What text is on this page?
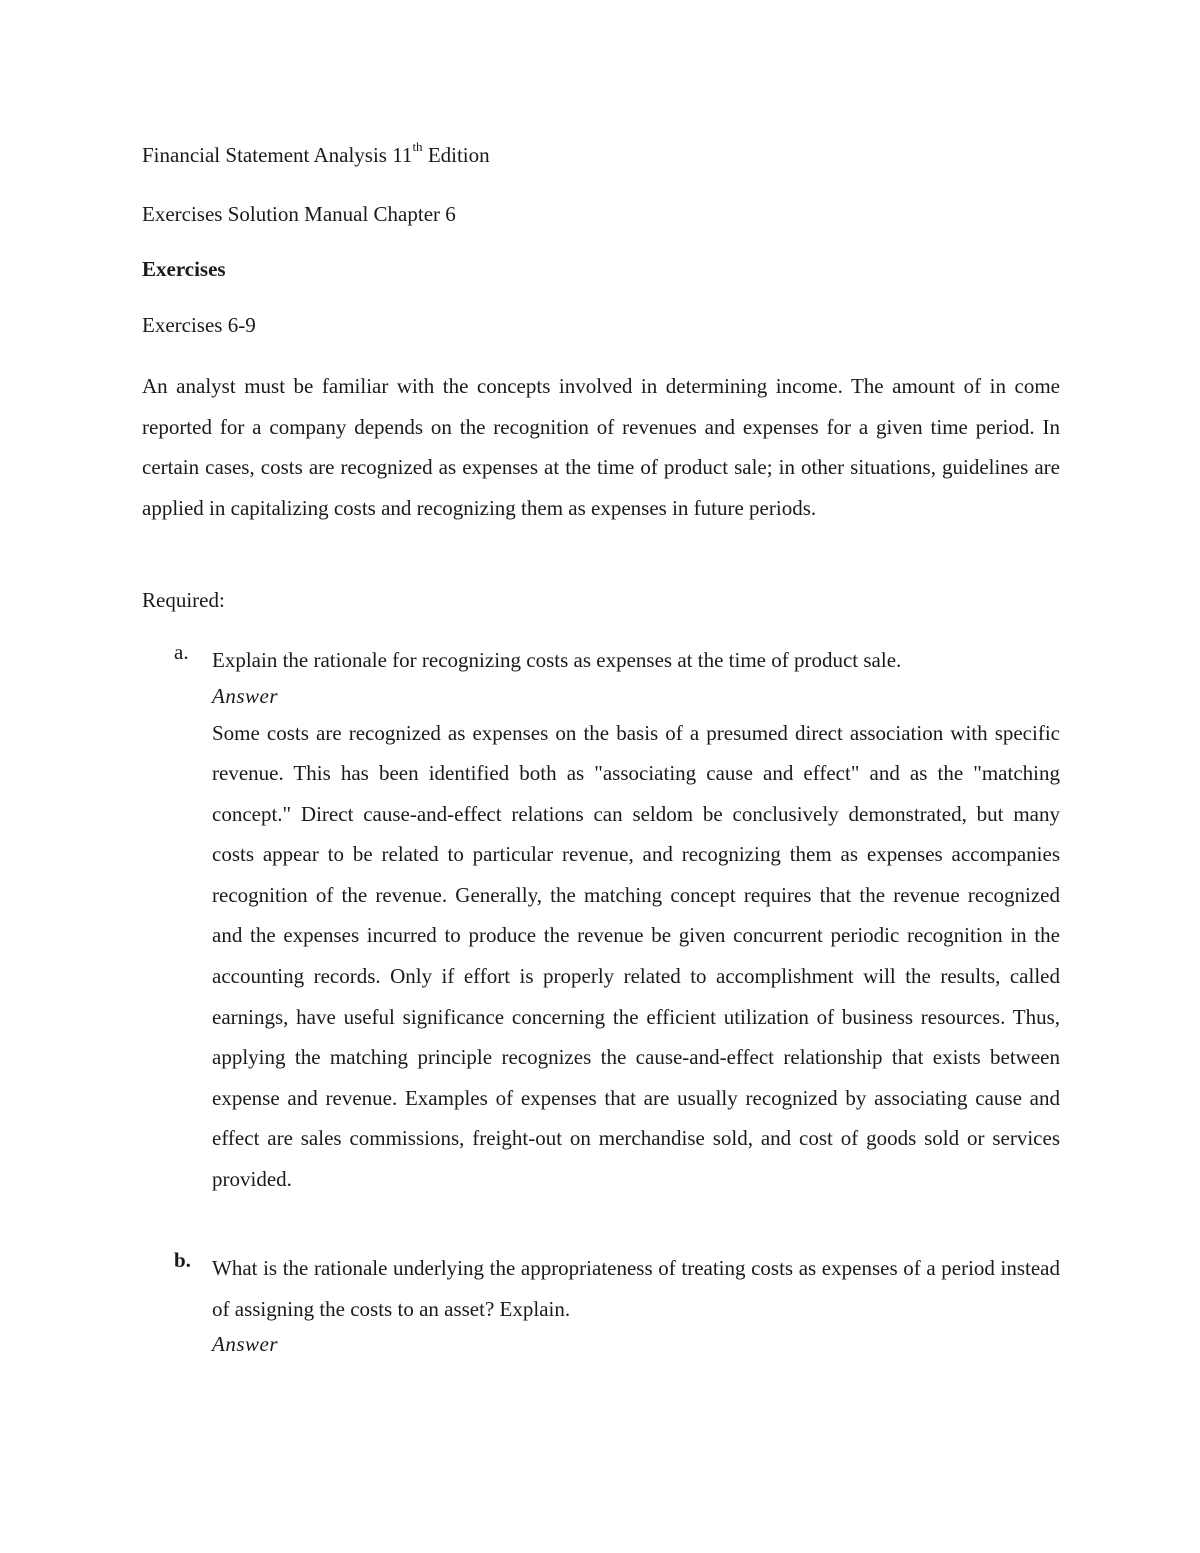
Financial Statement Analysis 11th Edition
Exercises Solution Manual Chapter 6
Exercises
Exercises 6-9
An analyst must be familiar with the concepts involved in determining income. The amount of in come reported for a company depends on the recognition of revenues and expenses for a given time period. In certain cases, costs are recognized as expenses at the time of product sale; in other situations, guidelines are applied in capitalizing costs and recognizing them as expenses in future periods.
Required:
a. Explain the rationale for recognizing costs as expenses at the time of product sale.
Answer
Some costs are recognized as expenses on the basis of a presumed direct association with specific revenue. This has been identified both as "associating cause and effect" and as the "matching concept." Direct cause-and-effect relations can seldom be conclusively demonstrated, but many costs appear to be related to particular revenue, and recognizing them as expenses accompanies recognition of the revenue. Generally, the matching concept requires that the revenue recognized and the expenses incurred to produce the revenue be given concurrent periodic recognition in the accounting records. Only if effort is properly related to accomplishment will the results, called earnings, have useful significance concerning the efficient utilization of business resources. Thus, applying the matching principle recognizes the cause-and-effect relationship that exists between expense and revenue. Examples of expenses that are usually recognized by associating cause and effect are sales commissions, freight-out on merchandise sold, and cost of goods sold or services provided.
b. What is the rationale underlying the appropriateness of treating costs as expenses of a period instead of assigning the costs to an asset? Explain.
Answer
